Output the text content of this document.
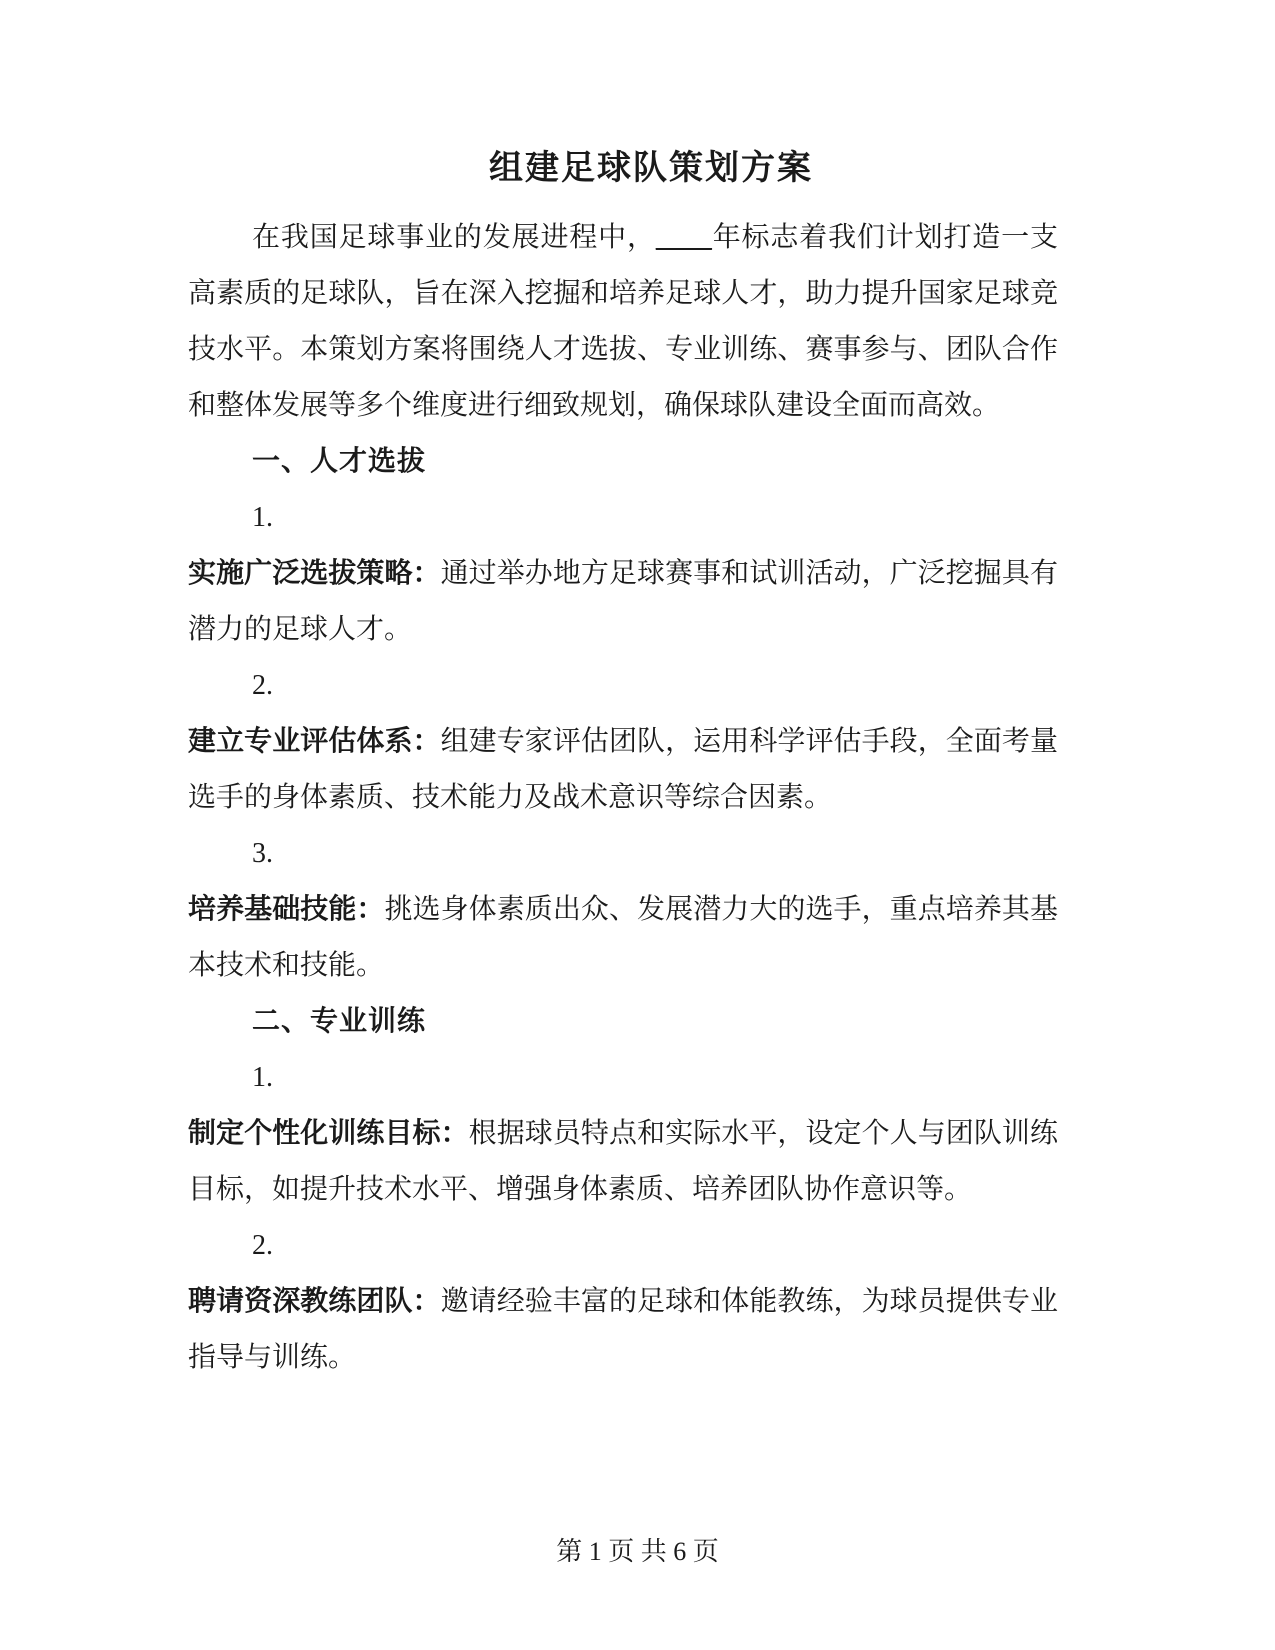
组建足球队策划方案

在我国足球事业的发展进程中，____年标志着我们计划打造一支高素质的足球队，旨在深入挖掘和培养足球人才，助力提升国家足球竞技水平。本策划方案将围绕人才选拔、专业训练、赛事参与、团队合作和整体发展等多个维度进行细致规划，确保球队建设全面而高效。

一、人才选拔

1.

实施广泛选拔策略：通过举办地方足球赛事和试训活动，广泛挖掘具有潜力的足球人才。

2.

建立专业评估体系：组建专家评估团队，运用科学评估手段，全面考量选手的身体素质、技术能力及战术意识等综合因素。

3.

培养基础技能：挑选身体素质出众、发展潜力大的选手，重点培养其基本技术和技能。

二、专业训练

1.

制定个性化训练目标：根据球员特点和实际水平，设定个人与团队训练目标，如提升技术水平、增强身体素质、培养团队协作意识等。

2.

聘请资深教练团队：邀请经验丰富的足球和体能教练，为球员提供专业指导与训练。

第 1 页 共 6 页
